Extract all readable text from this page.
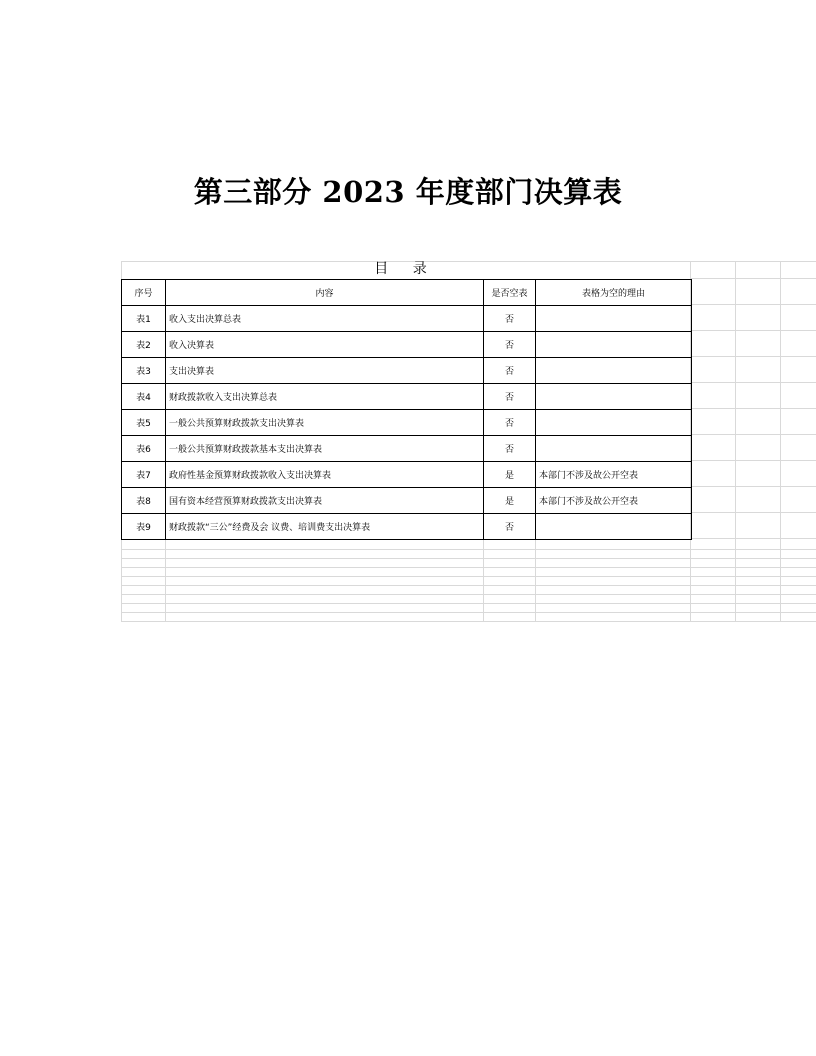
第三部分 2023 年度部门决算表
目 录
序号	内容	是否空表	表格为空的理由
表1	收入支出决算总表	否	
表2	收入决算表	否	
表3	支出决算表	否	
表4	财政拨款收入支出决算总表	否	
表5	一般公共预算财政拨款支出决算表	否	
表6	一般公共预算财政拨款基本支出决算表	否	
表7	政府性基金预算财政拨款收入支出决算表	是	本部门不涉及故公开空表
表8	国有资本经营预算财政拨款支出决算表	是	本部门不涉及故公开空表
表9	财政拨款“三公”经费及会 议费、培训费支出决算表	否	
